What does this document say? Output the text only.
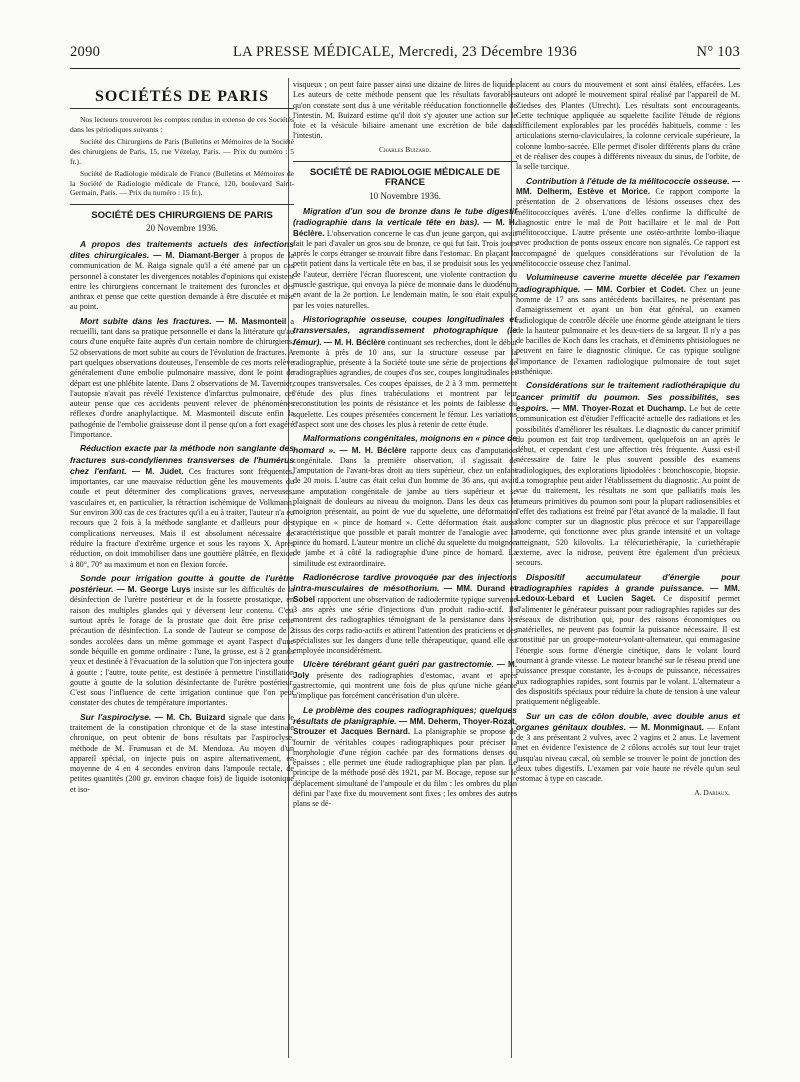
2090	LA PRESSE MÉDICALE, Mercredi, 23 Décembre 1936	N° 103
SOCIÉTÉS DE PARIS

Nos lecteurs trouveront les comptes rendus in extenso de ces Sociétés dans les périodiques suivants :

Société des Chirurgiens de Paris (Bulletins et Mémoires de la Société des chirurgiens de Paris, 15, rue Vézelay, Paris. — Prix du numéro : 5 fr.).

Société de Radiologie médicale de France (Bulletins et Mémoires de la Société de Radiologie médicale de France, 120, boulevard Saint-Germain, Paris. — Prix du numéro : 15 fr.).

SOCIÉTÉ DES CHIRURGIENS DE PARIS
20 Novembre 1936.

A propos des traitements actuels des infections dites chirurgicales. — M. Diamant-Berger à propos de la communication de M. Raiga signale qu'il a été amené par un cas personnel à constater les divergences notables d'opinions qui existent entre les chirurgiens concernant le traitement des furoncles et des anthrax et pense que cette question demande à être discutée et mise au point.

Mort subite dans les fractures. — M. Masmonteil a recueilli, tant dans sa pratique personnelle et dans la littérature qu'au cours d'une enquête faite auprès d'un certain nombre de chirurgiens, 52 observations de mort subite au cours de l'évolution de fractures. A part quelques observations douteuses, l'ensemble de ces morts relève généralement d'une embolie pulmonaire massive, dont le point de départ est une phlébite latente. Dans 2 observations de M. Tavernier, l'autopsie n'avait pas révélé l'existence d'infarctus pulmonaire, cet auteur pense que ces accidents peuvent relever de phénomènes réflexes d'ordre anaphylactique. M. Masmonteil discute enfin la pathogénie de l'embolie graisseuse dont il pense qu'on a fort exagéré l'importance.

Réduction exacte par la méthode non sanglante des fractures sus-condyliennes transverses de l'humérus chez l'enfant. — M. Judet. Ces fractures sont fréquentes, importantes, car une mauvaise réduction gêne les mouvements du coude et peut déterminer des complications graves, nerveuses, vasculaires et, en particulier, la rétraction ischémique de Volkmann. Sur environ 300 cas de ces fractures qu'il a eu à traiter, l'auteur n'a eu recours que 2 fois à la méthode sanglante et d'ailleurs pour des complications nerveuses. Mais il est absolument nécessaire de réduire la fracture d'extrême urgence et sous les rayons X. Après réduction, on doit immobiliser dans une gouttière plâtrée, en flexion à 80°, 70° au maximum et non en flexion forcée.

Sonde pour irrigation goutte à goutte de l'urètre postérieur. — M. George Luys insiste sur les difficultés de la désinfection de l'urètre postérieur et de la fossette prostatique, en raison des multiples glandes qui y déversent leur contenu. C'est surtout après le forage de la prostate que doit être prise cette précaution de désinfection. La sonde de l'auteur se compose de 2 sondes accolées dans un même gommage et ayant l'aspect d'une sonde béquille en gomme ordinaire : l'une, la grosse, est à 2 grands yeux et destinée à l'évacuation de la solution que l'on injectera goutte à goutte ; l'autre, toute petite, est destinée à permettre l'instillation goutte à goutte de la solution désinfectante de l'urètre postérieur. C'est sous l'influence de cette irrigation continue que l'on peut constater des chutes de température importantes.

Sur l'aspiroclyse. — M. Ch. Buizard signale que dans le traitement de la constipation chronique et de la stase intestinale chronique, on peut obtenir de bons résultats par l'aspiroclyse, méthode de M. Frumusan et de M. Mendoza. Au moyen d'un appareil spécial, on injecte puis on aspire alternativement, en moyenne de 4 en 4 secondes environ dans l'ampoule rectale, de petites quantités (200 gr. environ chaque fois) de liquide isotonique et iso-

visqueux ; on peut faire passer ainsi une dizaine de litres de liquide. Les auteurs de cette méthode pensent que les résultats favorables qu'on constate sont dus à une véritable rééducation fonctionnelle de l'intestin. M. Buizard estime qu'il doit s'y ajouter une action sur le foie et la vésicule biliaire amenant une excrétion de bile dans l'intestin.

Charles Buizard.
SOCIÉTÉ DE RADIOLOGIE MÉDICALE DE FRANCE
10 Novembre 1936.

Migration d'un sou de bronze dans le tube digestif (radiographie dans la verticale tête en bas). — M. H. Béclère. L'observation concerne le cas d'un jeune garçon, qui avait fait le pari d'avaler un gros sou de bronze, ce qui fut fait. Trois jours après le corps étranger se trouvait fibre dans l'estomac. En plaçant le petit patient dans la verticale tête en bas, il se produisit sous les yeux de l'auteur, derrière l'écran fluorescent, une violente contraction du muscle gastrique, qui envoya la pièce de monnaie dans le duodénum en avant de la 2e portion. Le lendemain matin, le sou était expulsé par les voies naturelles.

Historiographie osseuse, coupes longitudinales et transversales, agrandissement photographique (le fémur). — M. H. Béclère continuant ses recherches, dont le début remonte à près de 10 ans, sur la structure osseuse par la radiographie, présente à la Société toute une série de projections de radiographies agrandies, de coupes d'os sec, coupes longitudinales et coupes transversales. Ces coupes épaisses, de 2 à 3 mm. permettent l'étude des plus fines trabéculations et montrent par leur reconstitution les points de résistance et les points de faiblesse du squelette. Les coupes présentées concernent le fémur. Les variations d'aspect sont une des choses les plus à retenir de cette étude.

Malformations congénitales, moignons en « pince de homard ». — M. H. Béclère rapporte deux cas d'amputation congénitale. Dans la première observation, il s'agissait de l'amputation de l'avant-bras droit au tiers supérieur, chez un enfant de 20 mois. L'autre cas était celui d'un homme de 36 ans, qui avait une amputation congénitale de jambe au tiers supérieur et se plaignait de douleurs au niveau du moignon. Dans les deux cas le moignon présentait, au point de vue du squelette, une déformation typique en « pince de homard ». Cette déformation était aussi caractéristique que possible et paraît montrer de l'analogie avec la pince du homard. L'auteur montre un cliché du squelette du moignon de jambe et à côté la radiographie d'une pince de homard. La similitude est extraordinaire.

Radionécrose tardive provoquée par des injections intra-musculaires de mésothorium. — MM. Durand et Sobel rapportent une observation de radiodermite typique survenue 3 ans après une série d'injections d'un produit radio-actif. Ils montrent des radiographies témoignant de la persistance dans les tissus des corps radio-actifs et attirent l'attention des praticiens et des spécialistes sur les dangers d'une telle thérapeutique, quand elle est employée inconsidérément.

Ulcère térébrant géant guéri par gastrectomie. — M. Joly présente des radiographies d'estomac, avant et après gastrectomie, qui montrent une fois de plus qu'une niche géante n'implique pas forcément cancérisation d'un ulcère.

Le problème des coupes radiographiques; quelques résultats de planigraphie. — MM. Deherm, Thoyer-Rozat, Strouzer et Jacques Bernard. La planigraphie se propose de fournir de véritables coupes radiographiques pour préciser la morphologie d'une région cachée par des formations denses ou épaisses ; elle permet une étude radiographique plan par plan. Le principe de la méthode posé dès 1921, par M. Bocage, repose sur le déplacement simultané de l'ampoule et du film : les ombres du plan défini par l'axe fixe du mouvement sont fixes ; les ombres des autres plans se dé-

placent au cours du mouvement et sont ainsi étalées, effacées. Les auteurs ont adopté le mouvement spiral réalisé par l'appareil de M. Ziedses des Plantes (Utrecht). Les résultats sont encourageants. Cette technique appliquée au squelette facilite l'étude de régions difficilement explorables par les procédés habituels, comme : les articulations sterno-claviculaires, la colonne cervicale supérieure, la colonne lombo-sacrée. Elle permet d'isoler différents plans du crâne et de réaliser des coupes à différents niveaux du sinus, de l'orbite, de la selle turcique.

Contribution à l'étude de la mélitococcie osseuse. — MM. Delherm, Estève et Morice. Ce rapport comporte la présentation de 2 observations de lésions osseuses chez des mélitococciques avérés. L'une d'elles confirme la difficulté de diagnostic entre le mal de Pott bacillaire et le mal de Pott mélitococcique. L'autre présente une ostéo-arthrite lombo-iliaque avec production de ponts osseux encore non signalés. Ce rapport est accompagné de quelques considérations sur l'évolution de la mélitococcie osseuse chez l'animal.

Volumineuse caverne muette décelée par l'examen radiographique. — MM. Corbier et Codet. Chez un jeune homme de 17 ans sans antécédents bacillaires, ne présentant pas d'amaigrissement et ayant un bon état général, un examen radiologique de contrôle décèle une énorme géode atteignant le tiers de la hauteur pulmonaire et les deux-tiers de sa largeur. Il n'y a pas de bacilles de Koch dans les crachats, et d'éminents phtisiologues ne peuvent en faire le diagnostic clinique. Ce cas typique souligne l'importance de l'examen radiologique pulmonaire de tout sujet asthénique.

Considérations sur le traitement radiothérapique du cancer primitif du poumon. Ses possibilités, ses espoirs. — MM. Thoyer-Rozat et Duchamp. Le but de cette communication est d'étudier l'efficacité actuelle des radiations et les possibilités d'améliorer les résultats. Le diagnostic du cancer primitif du poumon est fait trop tardivement, quelquefois un an après le début, et cependant c'est une affection très fréquente. Aussi est-il nécessaire de faire le plus souvent possible des examens radiologiques, des explorations lipiodolées : bronchoscopie, biopsie. La tomographie peut aider l'établissement du diagnostic. Au point de vue du traitement, les résultats ne sont que palliatifs mais les tumeurs primitives du poumon sont pour la plupart radiosensibles et l'effet des radiations est freiné par l'état avancé de la maladie. Il faut donc compter sur un diagnostic plus précoce et sur l'appareillage moderne, qui fonctionne avec plus grande intensité et un voltage atteignant, 520 kilovolts. La télécuriethérapie, la curiethérapie externe, avec la nidrose, peuvent être également d'un précieux secours.

Dispositif accumulateur d'énergie pour radiographies rapides à grande puissance. — MM. Ledoux-Lebard et Lucien Saget. Ce dispositif permet d'alimenter le générateur puissant pour radiographies rapides sur des réseaux de distribution qui, pour des raisons économiques ou matérielles, ne peuvent pas fournir la puissance nécessaire. Il est constitué par un groupe-moteur-volant-alternateur, qui emmagasine l'énergie sous forme d'énergie cinétique, dans le volant lourd tournant à grande vitesse. Le moteur branché sur le réseau prend une puissance presque constante, les à-coups de puissance, nécessaires aux radiographies rapides, sont fournis par le volant. L'alternateur a des dispositifs spéciaux pour réduire la chute de tension à une valeur pratiquement négligeable.

Sur un cas de côlon double, avec double anus et organes génitaux doubles. — M. Monmignaut. — Enfant de 3 ans présentant 2 vulves, avec 2 vagins et 2 anus. Le lavement met en évidence l'existence de 2 côlons accolés sur tout leur trajet jusqu'au niveau cæcal, où semble se trouver le point de jonction des deux tubes digestifs. L'examen par voie haute ne révèle qu'un seul estomac à type en cascade.

A. Dariaux.
